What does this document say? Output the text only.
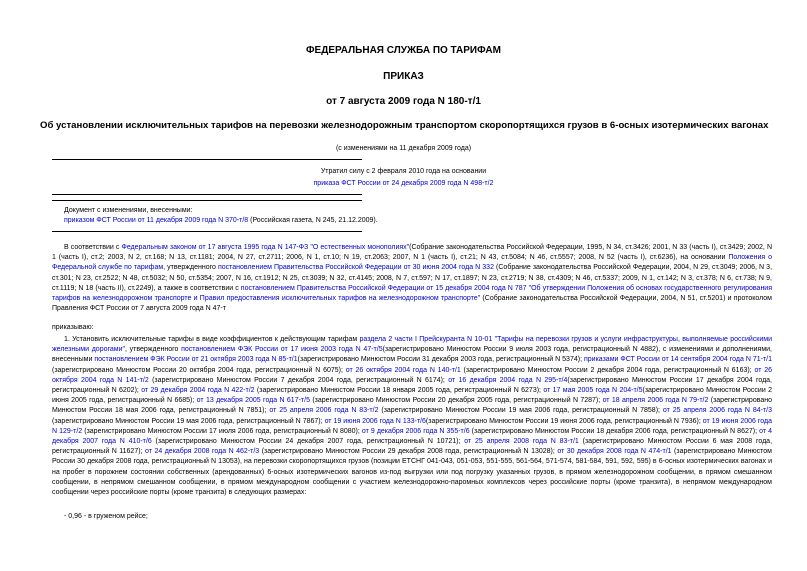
ФЕДЕРАЛЬНАЯ СЛУЖБА ПО ТАРИФАМ
ПРИКАЗ
от 7 августа 2009 года N 180-т/1
Об установлении исключительных тарифов на перевозки железнодорожным транспортом скоропортящихся грузов в 6-осных изотермических вагонах
(с изменениями на 11 декабря 2009 года)
Утратил силу с 2 февраля 2010 года на основании
приказа ФСТ России от 24 декабря 2009 года N 498-т/2
Документ с изменениями, внесенными:
приказом ФСТ России от 11 декабря 2009 года N 370-т/8 (Российская газета, N 245, 21.12.2009).

В соответствии с Федеральным законом от 17 августа 1995 года N 147-ФЗ "О естественных монополиях"(Собрание законодательства Российской Федерации, 1995, N 34, ст.3426; 2001, N 33 (часть I), ст.3429; 2002, N 1 (часть I), ст.2; 2003, N 2, ст.168; N 13, ст.1181; 2004, N 27, ст.2711; 2006, N 1, ст.10; N 19, ст.2063; 2007, N 1 (часть I), ст.21; N 43, ст.5084; N 46, ст.5557; 2008, N 52 (часть I), ст.6236), на основании Положения о Федеральной службе по тарифам, утвержденного постановлением Правительства Российской Федерации от 30 июня 2004 года N 332 (Собрание законодательства Российской Федерации, 2004, N 29, ст.3049; 2006, N 3, ст.301; N 23, ст.2522; N 48, ст.5032; N 50, ст.5354; 2007, N 16, ст.1912; N 25, ст.3039; N 32, ст.4145; 2008, N 7, ст.597; N 17, ст.1897; N 23, ст.2719; N 38, ст.4309; N 46, ст.5337; 2009, N 1, ст.142; N 3, ст.378; N 6, ст.738; N 9, ст.1119; N 18 (часть II), ст.2249), а также в соответствии с постановлением Правительства Российской Федерации от 15 декабря 2004 года N 787 "Об утверждении Положения об основах государственного регулирования тарифов на железнодорожном транспорте и Правил предоставления исключительных тарифов на железнодорожном транспорте" (Собрание законодательства Российской Федерации, 2004, N 51, ст.5201) и протоколом Правления ФСТ России от 7 августа 2009 года N 47-т

приказываю:

1. Установить исключительные тарифы в виде коэффициентов к действующим тарифам раздела 2 части I Прейскуранта N 10-01 "Тарифы на перевозки грузов и услуги инфраструктуры, выполняемые российскими железными дорогами", утвержденного постановлением ФЭК России от 17 июня 2003 года N 47-т/5(зарегистрировано Минюстом России 9 июля 2003 года, регистрационный N 4882), с изменениями и дополнениями, внесенными постановлением ФЭК России от 21 октября 2003 года N 85-т/1(зарегистрировано Минюстом России 31 декабря 2003 года, регистрационный N 5374); приказами ФСТ России от 14 сентября 2004 года N 71-т/1 (зарегистрировано Минюстом России 20 октября 2004 года, регистрационный N 6075); от 26 октября 2004 года N 140-т/1 (зарегистрировано Минюстом России 2 декабря 2004 года, регистрационный N 6163); от 26 октября 2004 года N 141-т/2 (зарегистрировано Минюстом России 7 декабря 2004 года, регистрационный N 6174); от 16 декабря 2004 года N 295-т/4(зарегистрировано Минюстом России 17 декабря 2004 года, регистрационный N 6202); от 29 декабря 2004 года N 422-т/2 (зарегистрировано Минюстом России 18 января 2005 года, регистрационный N 6273); от 17 мая 2005 года N 204-т/5(зарегистрировано Минюстом России 2 июня 2005 года, регистрационный N 6685); от 13 декабря 2005 года N 617-т/5 (зарегистрировано Минюстом России 20 декабря 2005 года, регистрационный N 7287); от 18 апреля 2006 года N 79-т/2 (зарегистрировано Минюстом России 18 мая 2006 года, регистрационный N 7851); от 25 апреля 2006 года N 83-т/2 (зарегистрировано Минюстом России 19 мая 2006 года, регистрационный N 7858); от 25 апреля 2006 года N 84-т/3 (зарегистрировано Минюстом России 19 мая 2006 года, регистрационный N 7867); от 19 июня 2006 года N 133-т/6(зарегистрировано Минюстом России 19 июня 2006 года, регистрационный N 7936); от 19 июня 2006 года N 129-т/2 (зарегистрировано Минюстом России 17 июля 2006 года, регистрационный N 8080); от 9 декабря 2006 года N 355-т/6 (зарегистрировано Минюстом России 18 декабря 2006 года, регистрационный N 8627); от 4 декабря 2007 года N 410-т/6 (зарегистрировано Минюстом России 24 декабря 2007 года, регистрационный N 10721); от 25 апреля 2008 года N 83-т/1 (зарегистрировано Минюстом России 6 мая 2008 года, регистрационный N 11627); от 24 декабря 2008 года N 462-т/3 (зарегистрировано Минюстом России 29 декабря 2008 года, регистрационный N 13028); от 30 декабря 2008 года N 474-т/1 (зарегистрировано Минюстом России 30 декабря 2008 года, регистрационный N 13053), на перевозки скоропортящихся грузов (позиции ЕТСНГ 041-043, 051-053, 551-555, 561-564, 571-574, 581-584, 591, 592, 595) в 6-осных изотермических вагонах и на пробег в порожнем состоянии собственных (арендованных) 6-осных изотермических вагонов из-под выгрузки или под погрузку указанных грузов, в прямом железнодорожном сообщении, в прямом смешанном сообщении, в непрямом смешанном сообщении, в прямом международном сообщении с участием железнодорожно-паромных комплексов через российские порты (кроме транзита), в непрямом международном сообщении через российские порты (кроме транзита) в следующих размерах:

- 0,96 - в груженом рейсе;
